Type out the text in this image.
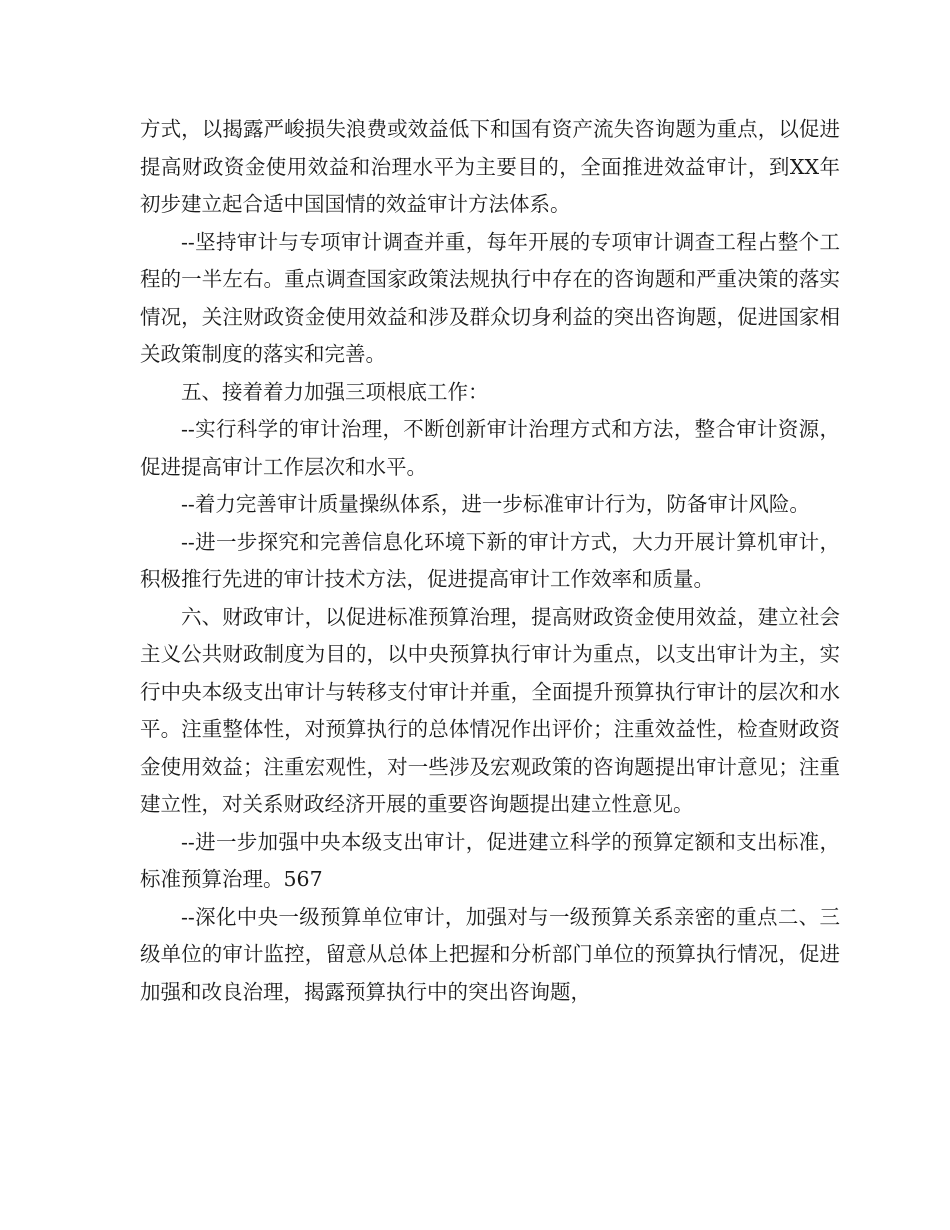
方式，以揭露严峻损失浪费或效益低下和国有资产流失咨询题为重点，以促进提高财政资金使用效益和治理水平为主要目的，全面推进效益审计，到XX年初步建立起合适中国国情的效益审计方法体系。

--坚持审计与专项审计调查并重，每年开展的专项审计调查工程占整个工程的一半左右。重点调查国家政策法规执行中存在的咨询题和严重决策的落实情况，关注财政资金使用效益和涉及群众切身利益的突出咨询题，促进国家相关政策制度的落实和完善。

五、接着着力加强三项根底工作：

--实行科学的审计治理，不断创新审计治理方式和方法，整合审计资源，促进提高审计工作层次和水平。

--着力完善审计质量操纵体系，进一步标准审计行为，防备审计风险。

--进一步探究和完善信息化环境下新的审计方式，大力开展计算机审计，积极推行先进的审计技术方法，促进提高审计工作效率和质量。

六、财政审计，以促进标准预算治理，提高财政资金使用效益，建立社会主义公共财政制度为目的，以中央预算执行审计为重点，以支出审计为主，实行中央本级支出审计与转移支付审计并重，全面提升预算执行审计的层次和水平。注重整体性，对预算执行的总体情况作出评价；注重效益性，检查财政资金使用效益；注重宏观性，对一些涉及宏观政策的咨询题提出审计意见；注重建立性，对关系财政经济开展的重要咨询题提出建立性意见。

--进一步加强中央本级支出审计，促进建立科学的预算定额和支出标准，标准预算治理。567

--深化中央一级预算单位审计，加强对与一级预算关系亲密的重点二、三级单位的审计监控，留意从总体上把握和分析部门单位的预算执行情况，促进加强和改良治理，揭露预算执行中的突出咨询题，
